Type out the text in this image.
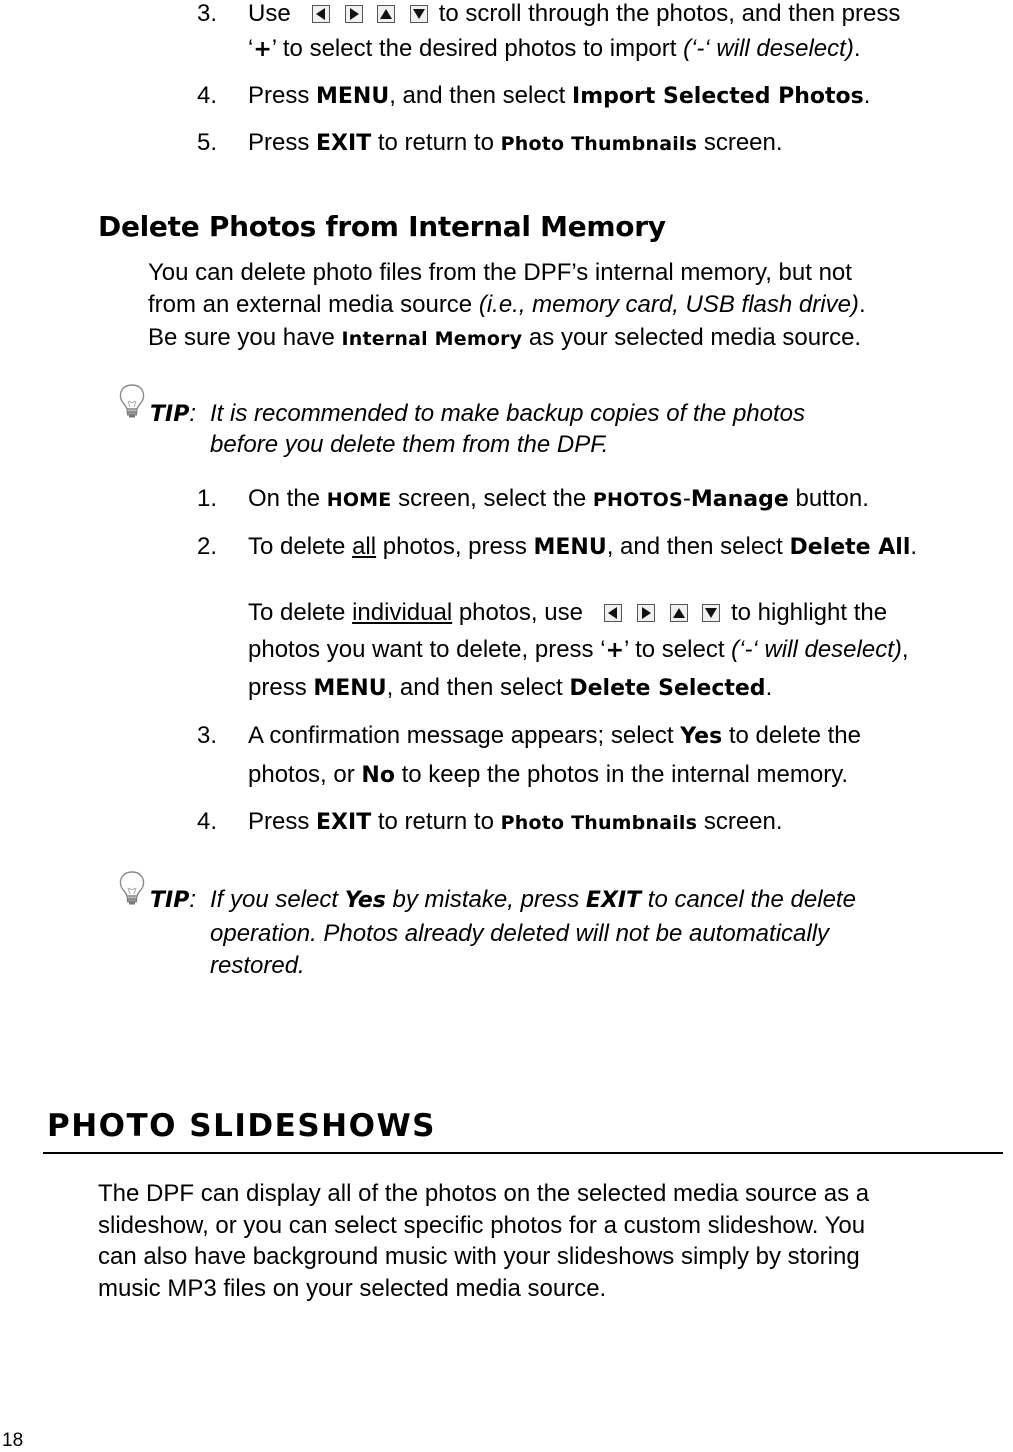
3. Use

	to scroll through the photos, and then press
‘+’ to select the desired photos to import (‘-‘ will deselect).
4. Press MENU, and then select Import Selected Photos.
5. Press EXIT to return to Photo Thumbnails screen.
Delete Photos from Internal Memory
You can delete photo files from the DPF’s internal memory, but not
from an external media source (i.e., memory card, USB flash drive).
Be sure you have Internal Memory as your selected media source.
TIP: It is recommended to make backup copies of the photos
before you delete them from the DPF.
1. On the HOME screen, select the PHOTOS-Manage button.
2. To delete all photos, press MENU, and then select Delete All.
To delete individual photos, use

	to highlight the
photos you want to delete, press ‘+’ to select (‘-‘ will deselect),
press MENU, and then select Delete Selected.
3. A confirmation message appears; select Yes to delete the
photos, or No to keep the photos in the internal memory.
4. Press EXIT to return to Photo Thumbnails screen.
TIP: If you select Yes by mistake, press EXIT to cancel the delete
operation. Photos already deleted will not be automatically
restored.
PHOTO SLIDESHOWS
The DPF can display all of the photos on the selected media source as a
slideshow, or you can select specific photos for a custom slideshow. You
can also have background music with your slideshows simply by storing
music MP3 files on your selected media source.
18
